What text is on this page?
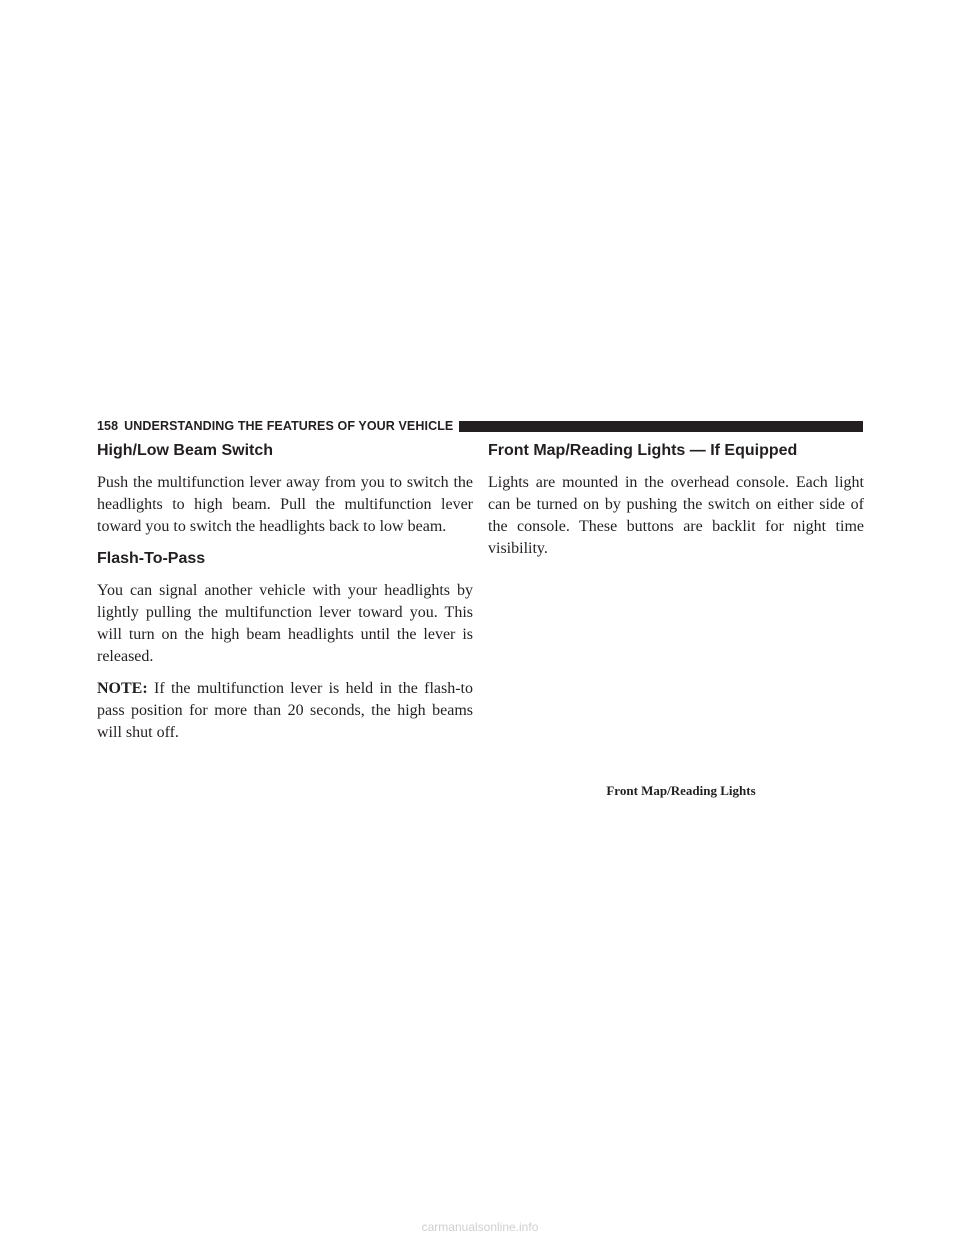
158 UNDERSTANDING THE FEATURES OF YOUR VEHICLE
High/Low Beam Switch

Push the multifunction lever away from you to switch the headlights to high beam. Pull the multifunction lever toward you to switch the headlights back to low beam.

Flash-To-Pass

You can signal another vehicle with your headlights by lightly pulling the multifunction lever toward you. This will turn on the high beam headlights until the lever is released.

NOTE: If the multifunction lever is held in the flash-to pass position for more than 20 seconds, the high beams will shut off.

Front Map/Reading Lights — If Equipped

Lights are mounted in the overhead console. Each light can be turned on by pushing the switch on either side of the console. These buttons are backlit for night time visibility.

Front Map/Reading Lights

carmanualsonline.info
